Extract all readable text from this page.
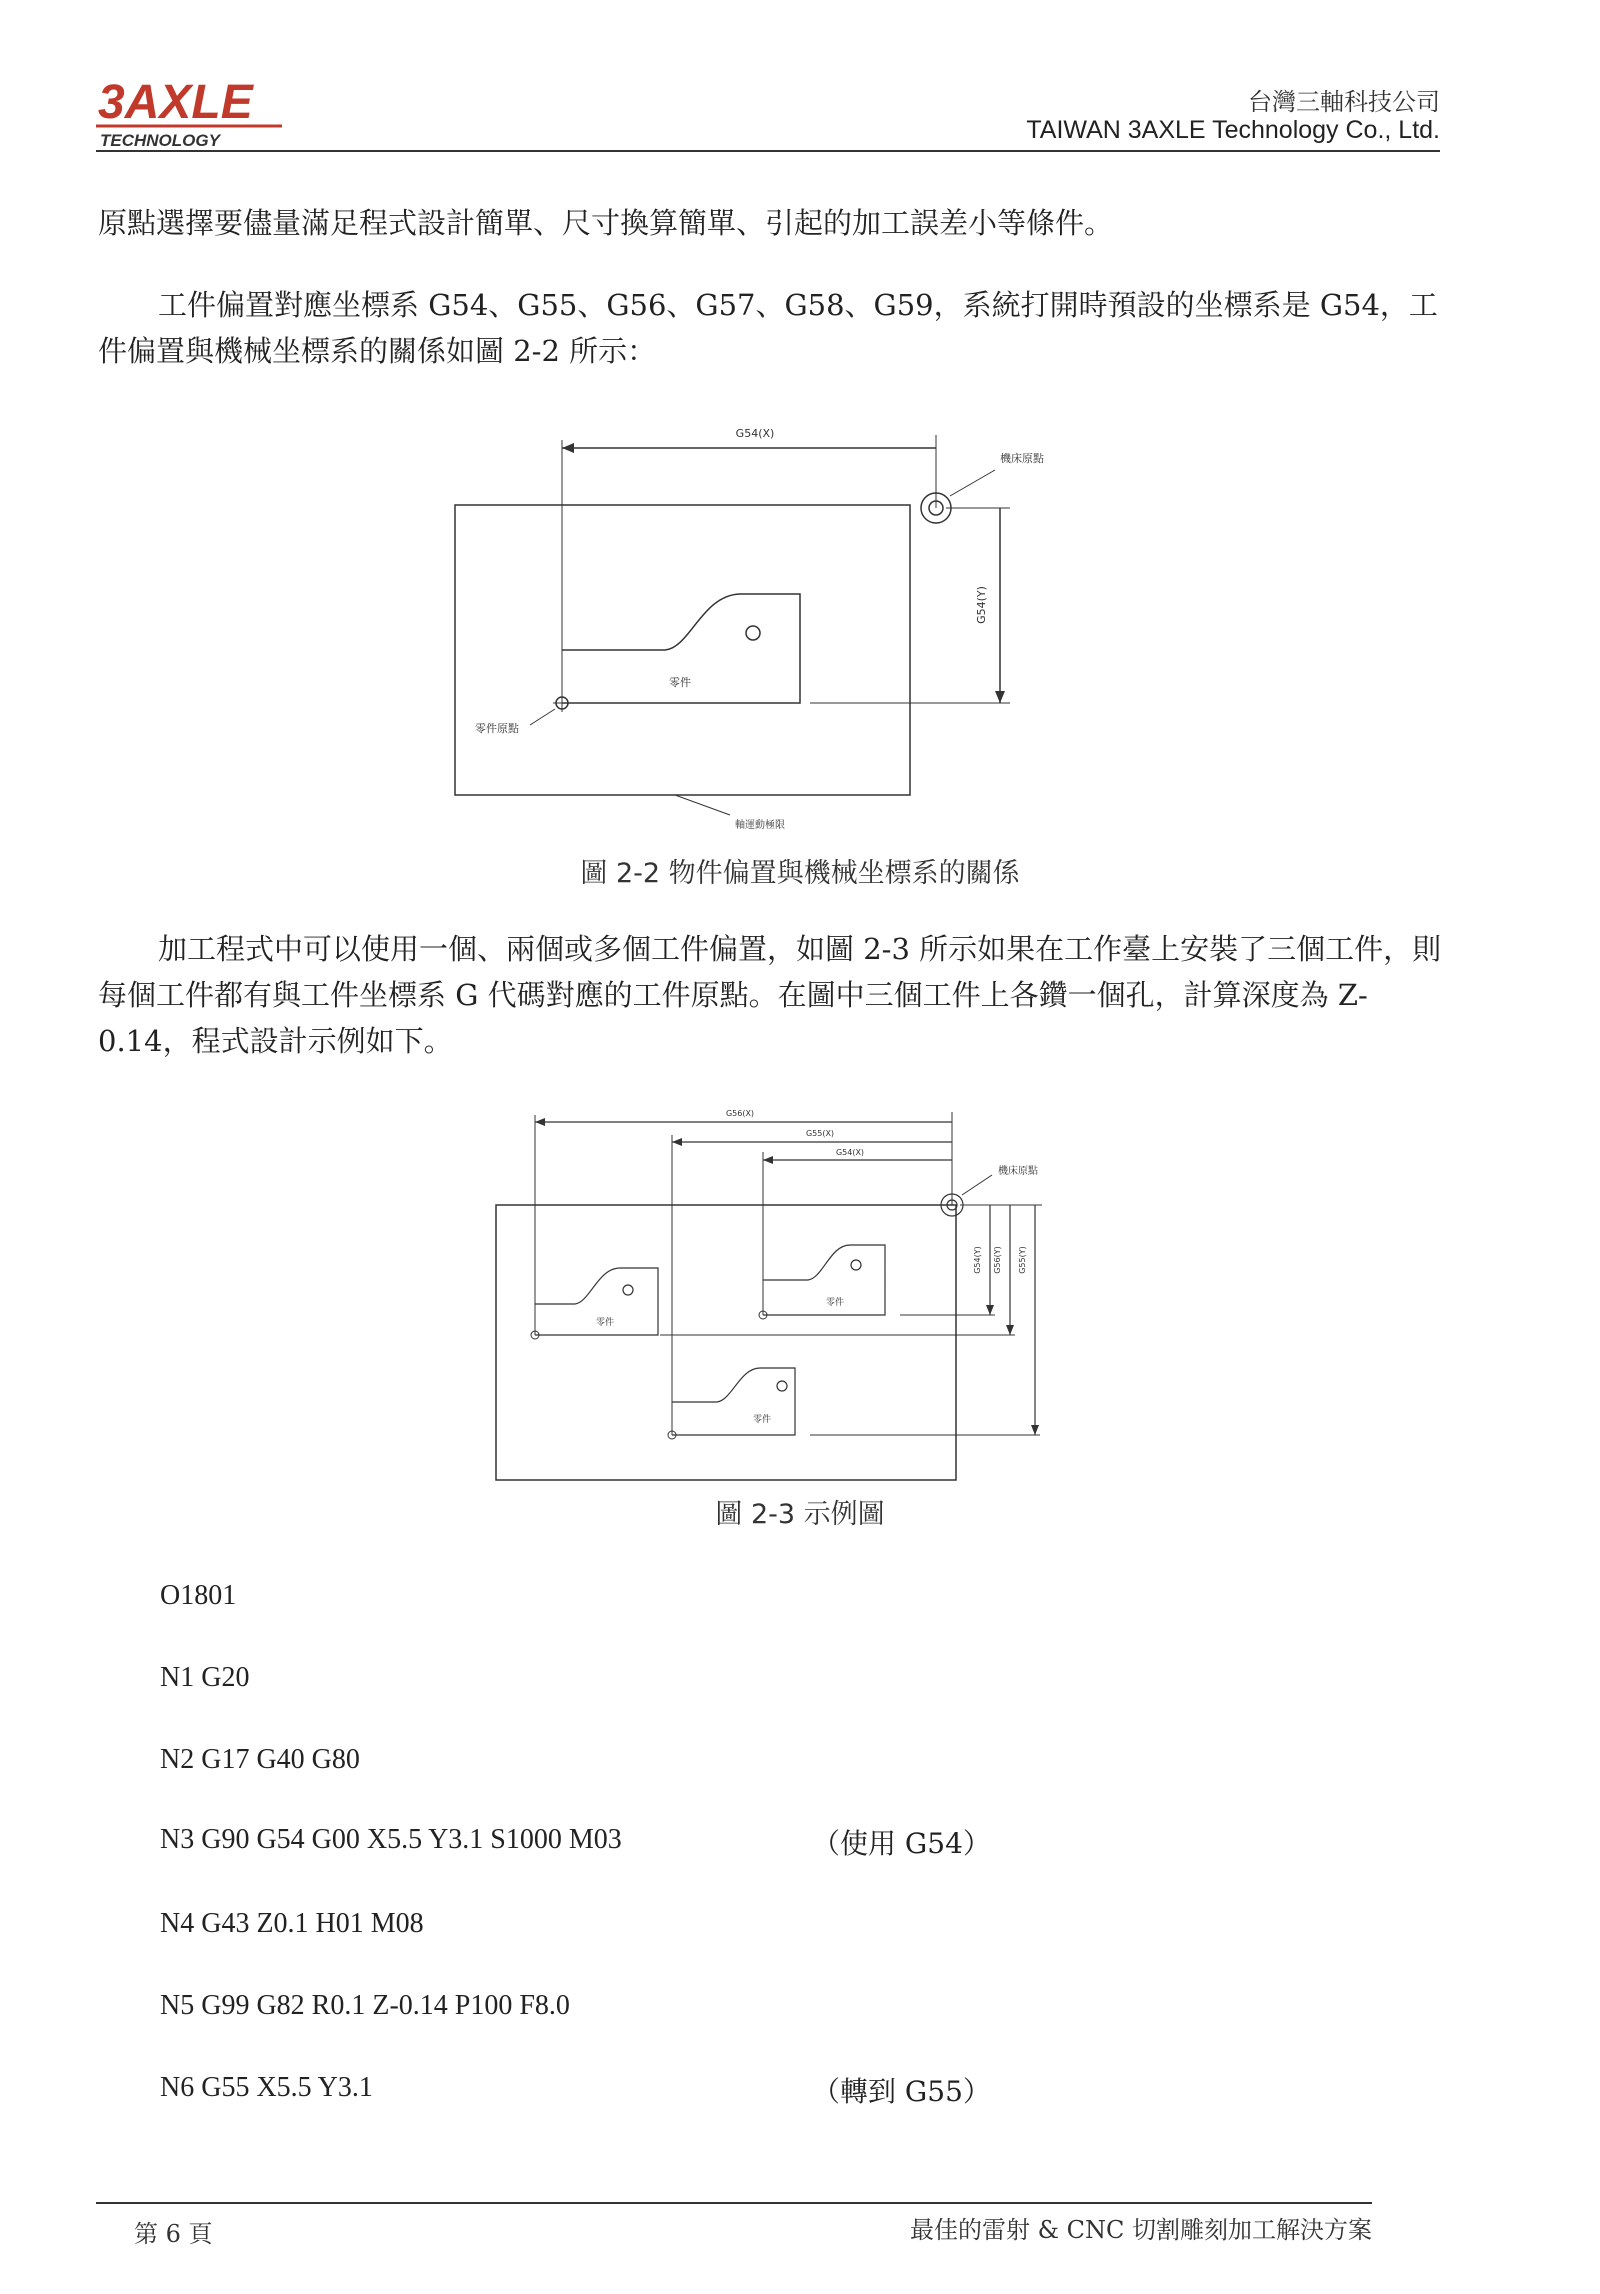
3AXLE
TECHNOLOGY
台灣三軸科技公司
TAIWAN 3AXLE Technology Co., Ltd.
原點選擇要儘量滿足程式設計簡單、尺寸換算簡單、引起的加工誤差小等條件。
工件偏置對應坐標系 G54、G55、G56、G57、G58、G59，系統打開時預設的坐標系是 G54，工件偏置與機械坐標系的關係如圖 2-2 所示：
G54(X)
機床原點
G54(Y)
零件
零件原點
軸運動極限
圖 2-2 物件偏置與機械坐標系的關係
加工程式中可以使用一個、兩個或多個工件偏置，如圖 2-3 所示如果在工作臺上安裝了三個工件，則每個工件都有與工件坐標系 G 代碼對應的工件原點。在圖中三個工件上各鑽一個孔，計算深度為 Z-0.14，程式設計示例如下。
G56(X)
G55(X)
G54(X)
機床原點
G54(Y) G56(Y) G55(Y)
零件
零件
零件
圖 2-3 示例圖
O1801
N1 G20
N2 G17 G40 G80
N3 G90 G54 G00 X5.5 Y3.1 S1000 M03	（使用 G54）
N4 G43 Z0.1 H01 M08
N5 G99 G82 R0.1 Z-0.14 P100 F8.0
N6 G55 X5.5 Y3.1	（轉到 G55）
第 6 頁	最佳的雷射 & CNC 切割雕刻加工解決方案
